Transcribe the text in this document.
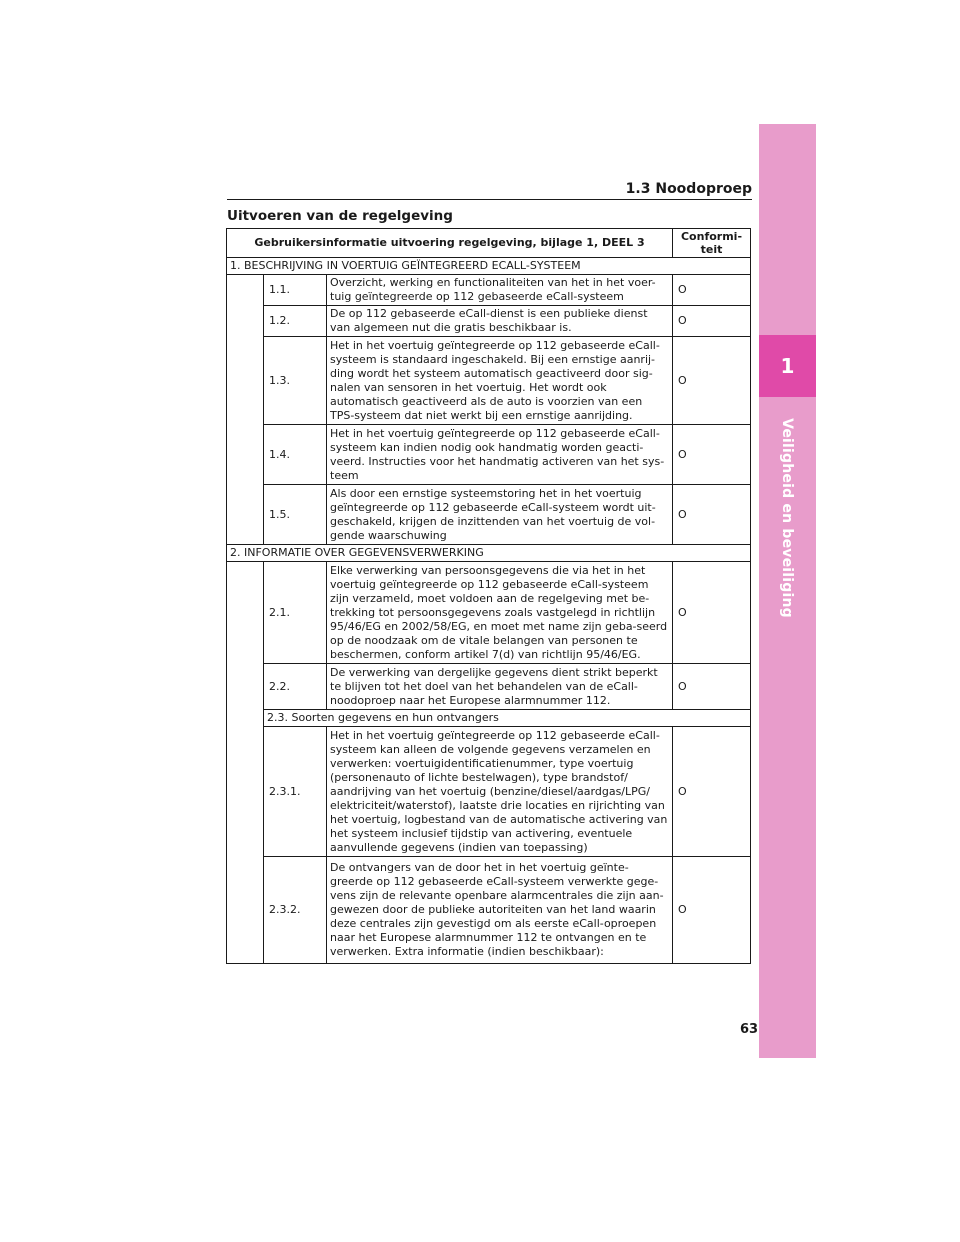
1
Veiligheid en beveiliging
1.3 Noodoproep
Uitvoeren van de regelgeving
Gebruikersinformatie uitvoering regelgeving, bijlage 1, DEEL 3			Conformi-
teit
1. BESCHRIJVING IN VOERTUIG GEÏNTEGREERD ECALL-SYSTEEM			
	1.1.	Overzicht, werking en functionaliteiten van het in het voer-tuig geïntegreerde op 112 gebaseerde eCall-systeem	O
	1.2.	De op 112 gebaseerde eCall-dienst is een publieke dienst van algemeen nut die gratis beschikbaar is.	O
	1.3.	Het in het voertuig geïntegreerde op 112 gebaseerde eCall-systeem is standaard ingeschakeld. Bij een ernstige aanrij-ding wordt het systeem automatisch geactiveerd door sig-nalen van sensoren in het voertuig. Het wordt ook automatisch geactiveerd als de auto is voorzien van een TPS-systeem dat niet werkt bij een ernstige aanrijding.	O
	1.4.	Het in het voertuig geïntegreerde op 112 gebaseerde eCall-systeem kan indien nodig ook handmatig worden geacti-veerd. Instructies voor het handmatig activeren van het sys-teem	O
	1.5.	Als door een ernstige systeemstoring het in het voertuig geïntegreerde op 112 gebaseerde eCall-systeem wordt uit-geschakeld, krijgen de inzittenden van het voertuig de vol-gende waarschuwing	O
2. INFORMATIE OVER GEGEVENSVERWERKING			
	2.1.	Elke verwerking van persoonsgegevens die via het in het voertuig geïntegreerde op 112 gebaseerde eCall-systeem zijn verzameld, moet voldoen aan de regelgeving met be-trekking tot persoonsgegevens zoals vastgelegd in richtlijn 95/46/EG en 2002/58/EG, en moet met name zijn geba-seerd op de noodzaak om de vitale belangen van personen te beschermen, conform artikel 7(d) van richtlijn 95/46/EG.	O
	2.2.	De verwerking van dergelijke gegevens dient strikt beperkt te blijven tot het doel van het behandelen van de eCall-noodoproep naar het Europese alarmnummer 112.	O
	2.3. Soorten gegevens en hun ontvangers		
	2.3.1.	Het in het voertuig geïntegreerde op 112 gebaseerde eCall-systeem kan alleen de volgende gegevens verzamelen en verwerken: voertuigidentificatienummer, type voertuig (personenauto of lichte bestelwagen), type brandstof/ aandrijving van het voertuig (benzine/diesel/aardgas/LPG/ elektriciteit/waterstof), laatste drie locaties en rijrichting van het voertuig, logbestand van de automatische activering van het systeem inclusief tijdstip van activering, eventuele aanvullende gegevens (indien van toepassing)	O
	2.3.2.	De ontvangers van de door het in het voertuig geïnte-greerde op 112 gebaseerde eCall-systeem verwerkte gege-vens zijn de relevante openbare alarmcentrales die zijn aan-gewezen door de publieke autoriteiten van het land waarin deze centrales zijn gevestigd om als eerste eCall-oproepen naar het Europese alarmnummer 112 te ontvangen en te verwerken. Extra informatie (indien beschikbaar):	O
63
